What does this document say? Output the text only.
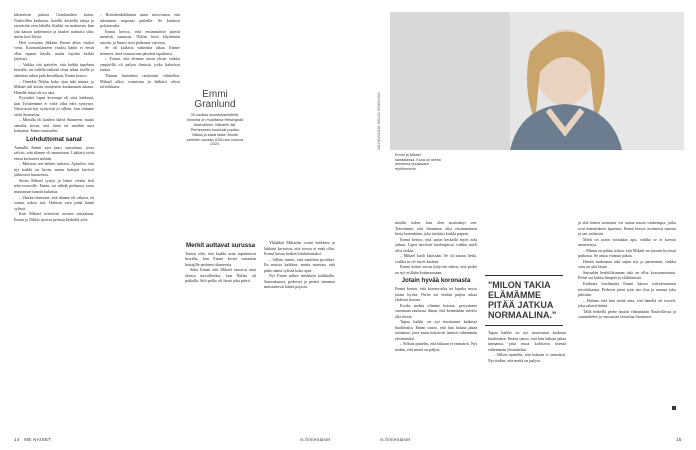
kilometrin päässä Granlundien kotoa. Nashvillen keskusta, hotellit keskellä taloja ja ravintolat ovat lähellä. Kaikki on mahtavaa, kun sitä katsoo tarkemmin ja kuulee tarinoita siitä, miten koti löytyi.

Heti torstaina Jälkeen Emmi allon vuoksi verta. Koronatilanteen vuoksi häntä ei ensin ollut tapana käydä, mutta lopulta kaikki järjestyi.

– Vaikka sitä ajattelee, että kaikki tapahtuu kerralla, on todella tärkeää ottaa aikaa itselle ja rakentaa arkea pala kerrallaan, Emmi kertoo.

– Onneksi Niklas koko ajan tuki minua, ja Mikael tuli kotiin viimeisten kuukausien aikana. Hänelle tämä oli iso asia.

Pyysinkö lupaa kovempi oli siitä hetkestä, kun Tyttäremme ei vielä ollut edes syntynyt. Vatsa-asiat nyt syntyivät jo silloin, kun olimme vielä Suomessa.

– Minulla oli kauhea ikävä Suomeen, mutta samalla tiesin, että tämä on meidän uusi kotimme. Emmi muistelee.

Lohduttomat sanat

Aamulla Emmi ajoi juuri sairaalaan, jossa selvisi, että tilanne oli muuttunut. Lääkärit eivät ensin kertoneet mitään.

– Muistan sen hetken tarkasti. Ajattelin, että nyt kaikki on hyvin, mutta hoitajat kävivät jatkuvasti huoneessa.

Sitten Mikael syntyi ja hänet vietiin heti teho-osastolle. Emmi sai nähdä poikansa vasta muutaman tunnin kuluttua.

– Vaikka tiesimme, että tilanne oli vakava, en voinut uskoa sitä. Halusin vain pitää häntä sylissä.

Kun Mikael siirrettiin toiseen sairaalaan, Emmi ja Niklas ajoivat perässä keskellä yötä.

– Hoitohenkilökunta sanoi toivovansa, että tulisimme nopeasti paikalle. Se kuulosti pelottavalta.

Emmi kertoo, että ensimmäiset päivät menivät sumussa. Niklas hoiti käytännön asioita, ja Emmi istui poikansa vieressä.

Se oli kaikista vaikeinta aikaa. Emme tienneet, mitä seuraavana päivänä tapahtuisi.

– Tuntui, että olimme aivan yksin, vaikka ympärillä oli paljon ihmisiä, jotka halusivat auttaa.

Tilanne kuitenkin rauhoittui vähitellen. Mikael alkoi voimistua ja lääkärit olivat toiveikkaita.

Emmi Granlund
30-vuotias sisustusarkkitehti, toiminta on muuttanut Helsingistä Nashvilleen. Mikaelin äiti. Perheeseen kuuluvat puoliso Niklas ja kaksi lasta. Muutti perheen kanssa USA:han vuonna 2020.
Merkit auttavat surussa

Tuntui siltä, että kaikki asiat tapahtuivat kerralla, kun Emmi kertoi sairaalan hoitajille perheen tilanteesta.

Sekä Emmi että Mikael tunsivat aina olonsa turvalliseksi, kun Niklas oli paikalla. Silti pelko oli läsnä joka päivä.

Yhtäkkiä Mikaelin vointi heikkeni ja lääkärit kertoivat, että toivoa ei enää ollut. Emmi kuvaa hetkeä lohduttomaksi.

– Silloin tuntui, että maailma pysähtyi. En muista kaikkea, mutta muistan, että pidin häntä sylissä koko ajan.

Nyt Emmi näkee merkkejä kaikkialla. Sateenkaaret, perhoset ja pienet sattumat muistuttavat häntä pojasta.

14 ME NAISET	is.fi/menaiset
VALOKUVAAJA: NIKLAS GRANLUND
Emmi ja Mikael sairaalassa. Kuva on otettu muistona kuukausia myöhemmin.

mindle toden, kun olen sisäistänyt sen. Totesimme, että ilmaantui olisi ensimmäinen kerta kenenkään, joka täyttäisi kaikki paperit.

Emmi kertoo, että surun keskellä myös arki jatkuu. Lapsi tarvitsee huolenpitoa, vaikka mieli olisi raskas.

– Mikael kuoli käsissäni. Se oli kaunis hetki, vaikka se oli myös kauhea.

Emmi kokee surun liittyvän siihen, että perhe on nyt erillään kotimaastaan.

Jotain hyvää koronasta

Emmi kertoo, että korona-aika toi lopulta myös jotain hyvää. Perhe sai viettää paljon aikaa yhdessä kotona.

Koska mekin olimme kotona, pystyimme suremaan rauhassa ilman, että kenenkään tarvitsi olla töissä.

Tapaa kaikki on nyt muuttunut kaikesta huolimatta. Emmi sanoo, että hän haluaa jakaa tarinansa, jotta muut kokisivat itsensä vähemmän yksinäisiksi.

– Silloin ajattelin, että kukaan ei ymmärrä. Nyt tiedän, että meitä on paljon.

"MILON TAKIA ELÄMÄMME PITÄÄ JATKUA NORMAALINA."

Tapaa kaikki on nyt muuttunut kaikesta huolimatta. Emmi sanoo, että hän haluaa jakaa tarinansa, jotta muut kokisivat itsensä vähemmän yksinäisiksi.

– Silloin ajattelin, että kukaan ei ymmärrä. Nyt tiedän, että meitä on paljon.

ja että hänen tarinansa voi auttaa muita vanhempia, jotka ovat menettäneet lapsensa. Emmi kertoo avoimesti surusta ja sen vaiheista.

Mieli on usein voimakas apu, vaikka se ei korvaa menetettyä.

– Minun on pakko uskoa, että Mikael on jossain hyvässä paikassa. Se antaa voimaa jatkaa.

Hänen mukaansa arki sujuu nyt jo paremmin, vaikka suru on yhä läsnä.

Sairaalan henkilökunnan tuki on ollut korvaamatonta. Perhe sai kokea lämpöä ja välittämistä.

Kaikesta huolimatta Emmi katsoo tulevaisuuteen toiveikkaana. Perheen pieni tytär tuo iloa ja naurua joka päivään.

– Haluan, että hän tietää aina, että hänellä oli isoveli, joka rakasti häntä.

Tällä hetkellä perhe nauttii elämästään Nashvillessa ja suunnittelee jo seuraavaa vierailua Suomeen.

is.fi/menaiset	15
